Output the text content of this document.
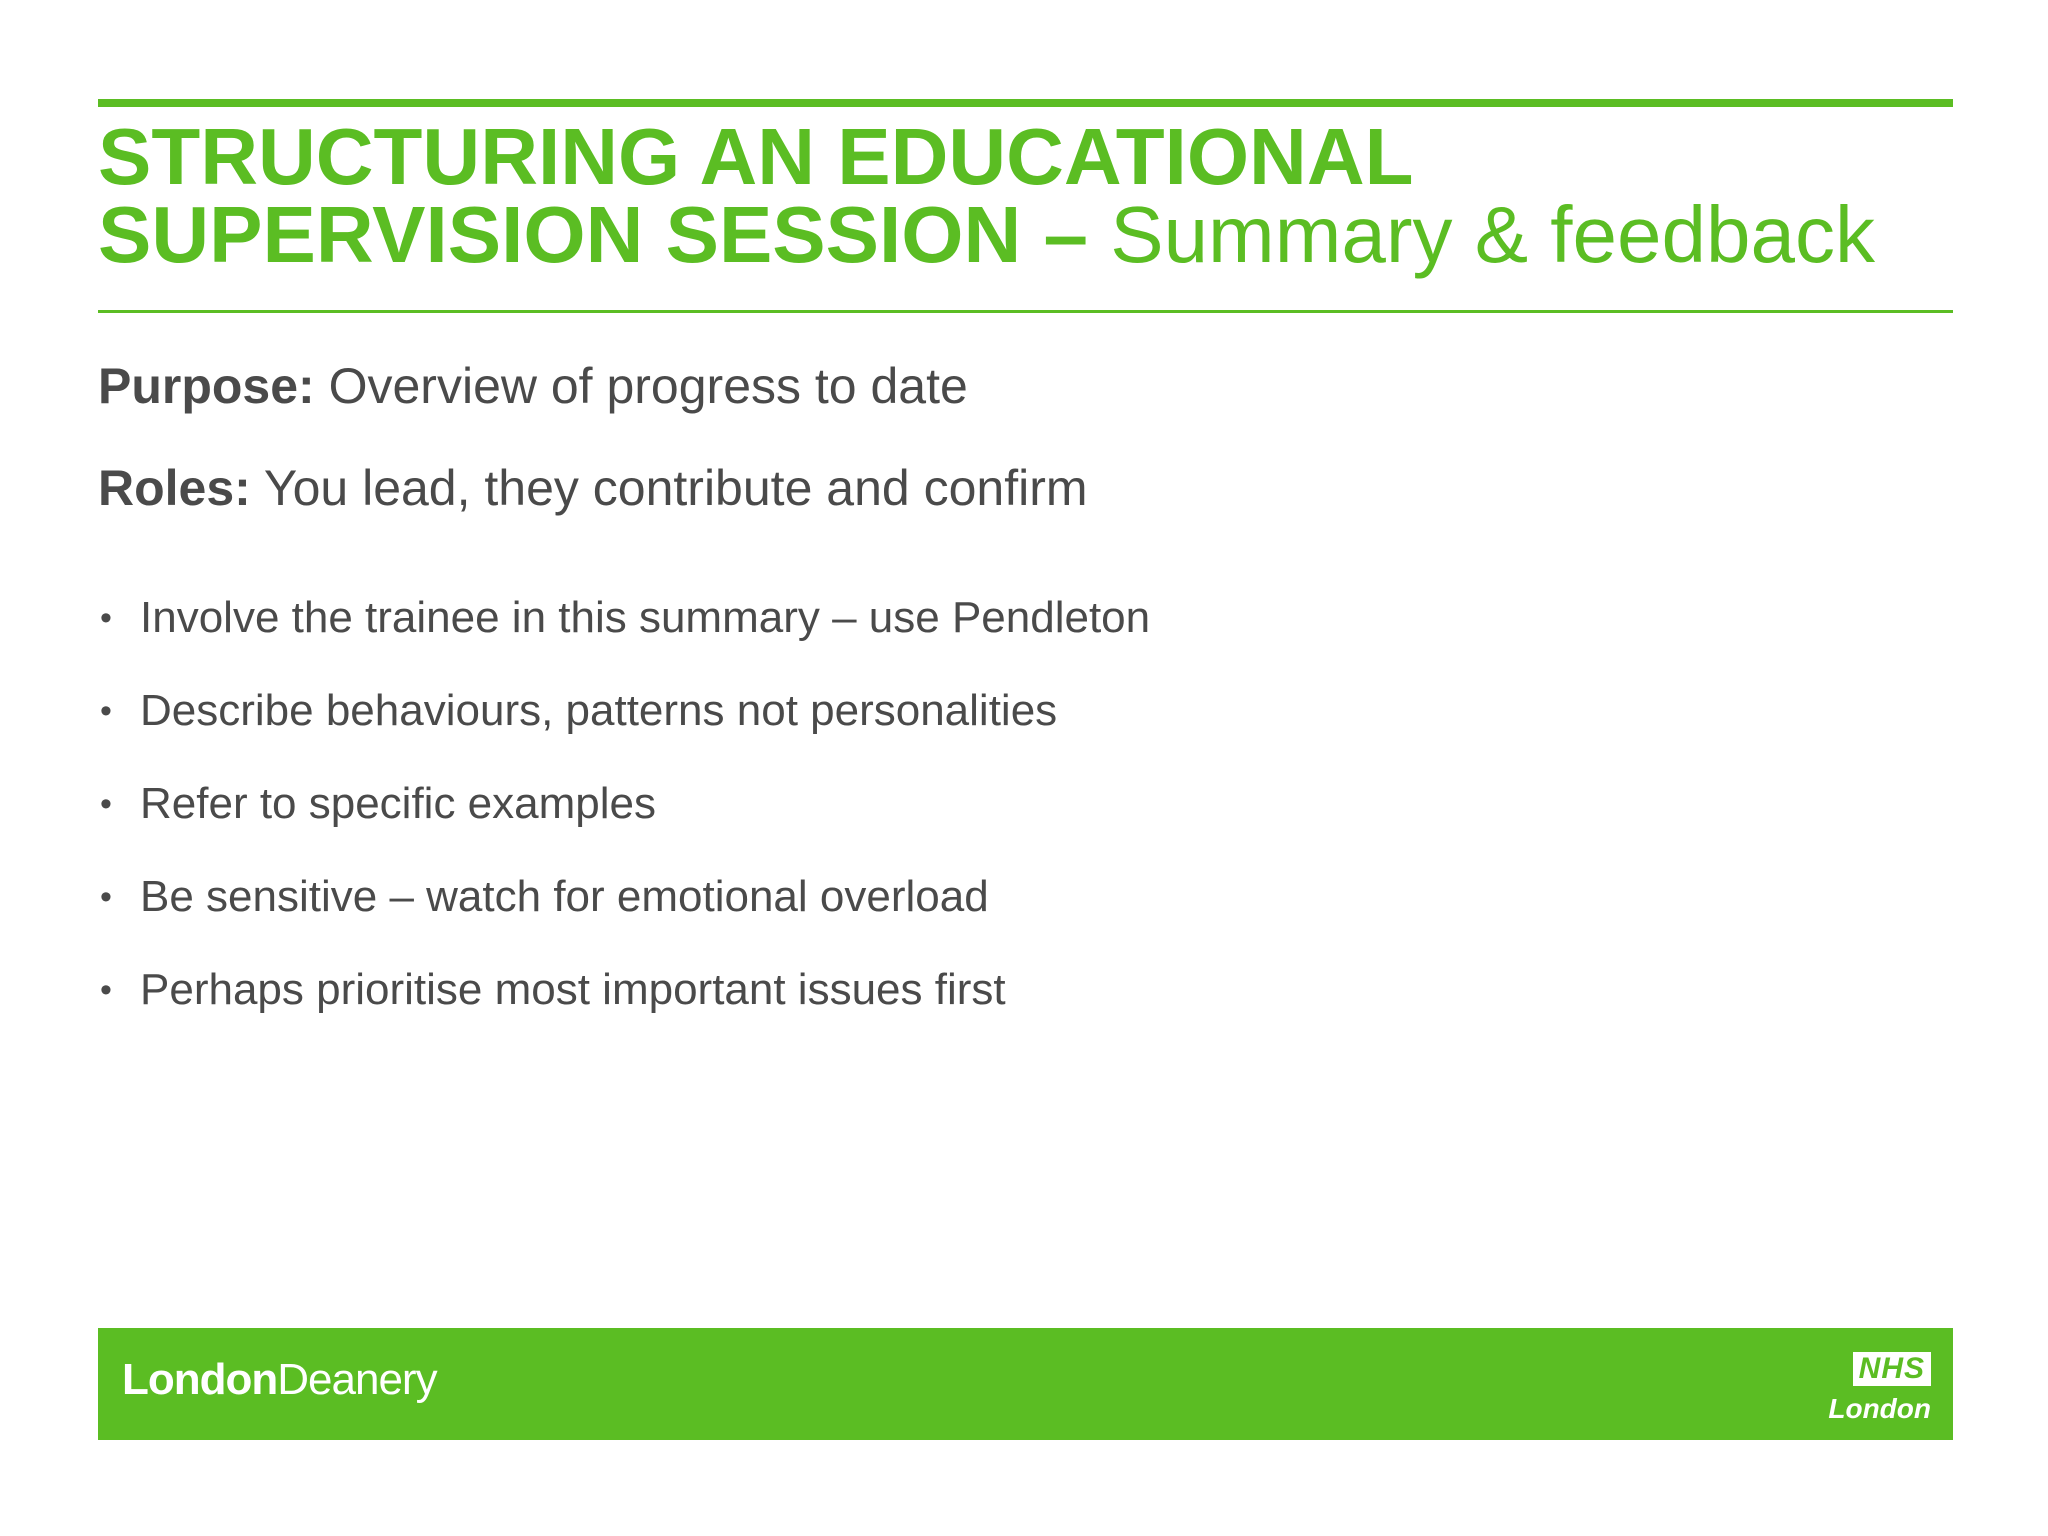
STRUCTURING AN EDUCATIONAL
SUPERVISION SESSION – Summary & feedback
Purpose: Overview of progress to date
Roles: You lead, they contribute and confirm
• Involve the trainee in this summary – use Pendleton
• Describe behaviours, patterns not personalities
• Refer to specific examples
• Be sensitive – watch for emotional overload
• Perhaps prioritise most important issues first
LondonDeanery	NHS
London
